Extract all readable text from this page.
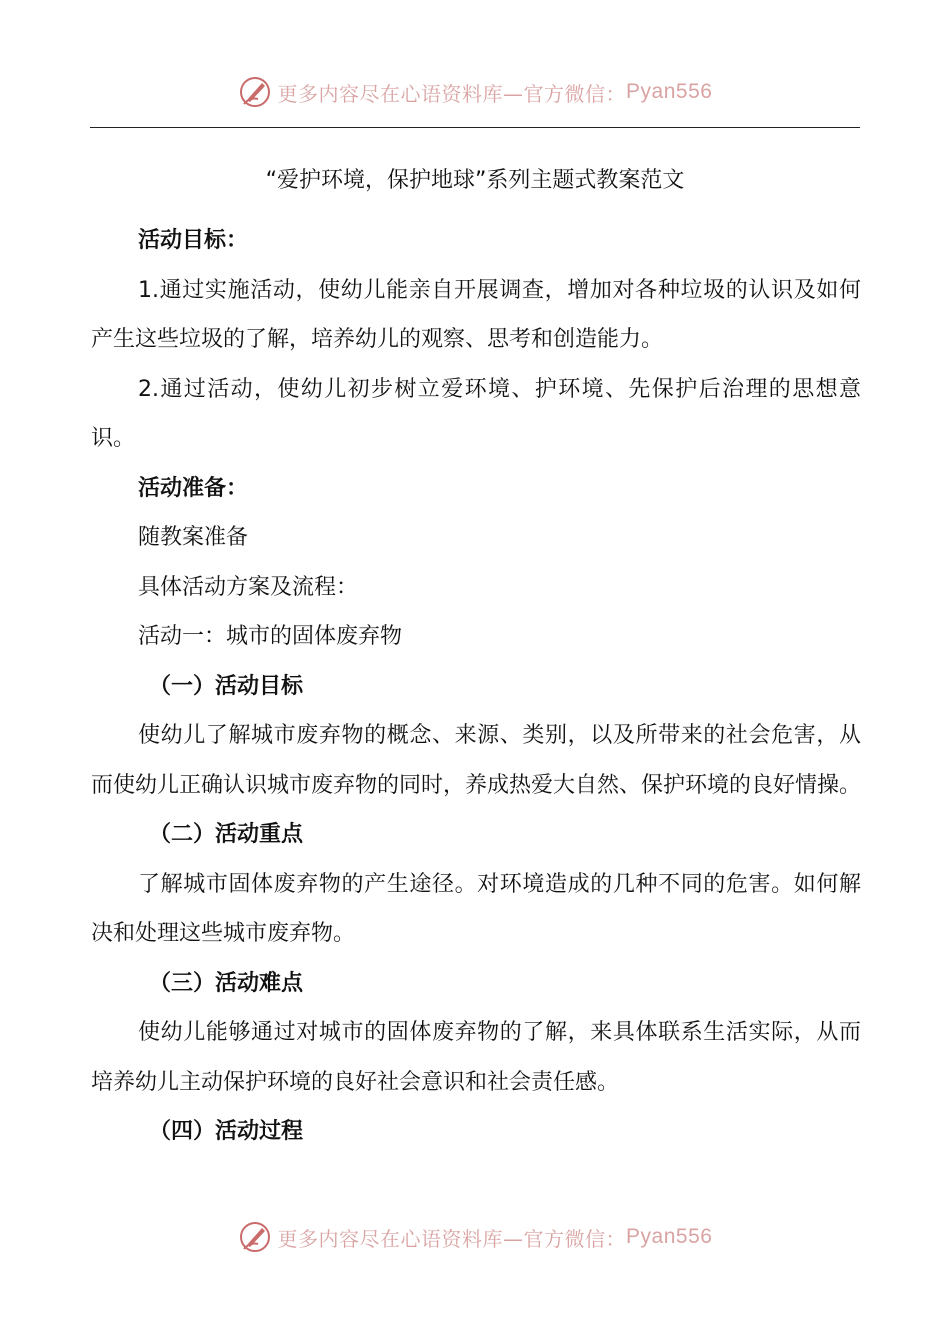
更多内容尽在心语资料库—官方微信： Pyan556
“爱护环境，保护地球”系列主题式教案范文

活动目标：

1.通过实施活动，使幼儿能亲自开展调查，增加对各种垃圾的认识及如何产生这些垃圾的了解，培养幼儿的观察、思考和创造能力。

2.通过活动，使幼儿初步树立爱环境、护环境、先保护后治理的思想意识。

活动准备：

随教案准备

具体活动方案及流程：

活动一：城市的固体废弃物

（一）活动目标

使幼儿了解城市废弃物的概念、来源、类别，以及所带来的社会危害，从而使幼儿正确认识城市废弃物的同时，养成热爱大自然、保护环境的良好情操。

（二）活动重点

了解城市固体废弃物的产生途径。对环境造成的几种不同的危害。如何解决和处理这些城市废弃物。

（三）活动难点

使幼儿能够通过对城市的固体废弃物的了解，来具体联系生活实际，从而培养幼儿主动保护环境的良好社会意识和社会责任感。

（四）活动过程

更多内容尽在心语资料库—官方微信： Pyan556
